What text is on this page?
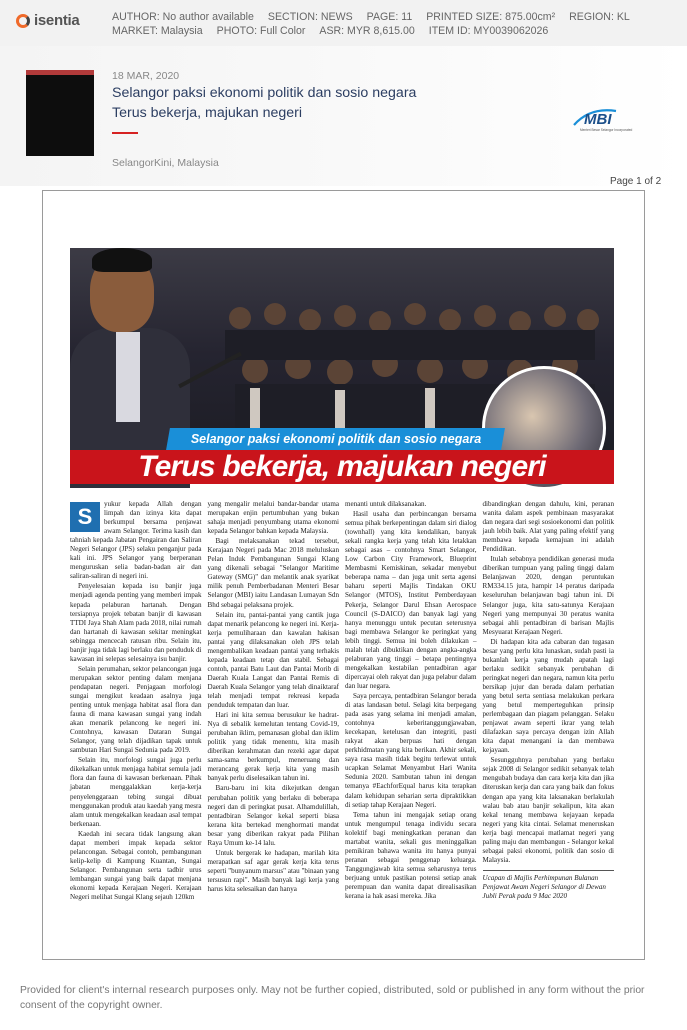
isentia	AUTHOR: No author available SECTION: NEWS PAGE: 11 PRINTED SIZE: 875.00cm² REGION: KL
MARKET: Malaysia PHOTO: Full Color ASR: MYR 8,615.00 ITEM ID: MY0039062026
18 MAR, 2020
Selangor paksi ekonomi politik dan sosio negara Terus bekerja, majukan negeri
SelangorKini, Malaysia
MBI
Menteri Besar Selangor Incorporated
Page 1 of 2
Selangor paksi ekonomi politik dan sosio negara
Terus bekerja, majukan negeri

S	yukur kepada Allah dengan limpah dan izinya kita dapat berkumpul bersama penjawat awam Selangor. Terima kasih dan tahniah kepada Jabatan Pengairan dan Saliran Negeri Selangor (JPS) selaku penganjur pada kali ini. JPS Selangor yang berperanan menguruskan selia badan-badan air dan saliran-saliran di negeri ini.

Penyelesaian kepada isu banjir juga menjadi agenda penting yang memberi impak kepada pelaburan hartanah. Dengan tersiapnya projek tebatan banjir di kawasan TTDI Jaya Shah Alam pada 2018, nilai rumah dan hartanah di kawasan sekitar meningkat sebingga mencecah ratusan ribu. Selain itu, banjir juga tidak lagi berlaku dan penduduk di kawasan ini selepas selesainya isu banjir.

Selain perumahan, sektor pelancongan juga merupakan sektor penting dalam menjana pendapatan negeri. Penjagaan morfologi sungai mengikut keadaan asalnya juga penting untuk menjaga habitat asal flora dan fauna di mana kawasan sungai yang indah akan menarik pelancong ke negeri ini. Contohnya, kawasan Dataran Sungai Selangor, yang telah dijadikan tapak untuk sambutan Hari Sungai Sedunia pada 2019.

Selain itu, morfologi sungai juga perlu dikekalkan untuk menjaga habitat semula jadi flora dan fauna di kawasan berkenaan. Pihak jabatan menggalakkan kerja-kerja penyelenggaraan tebing sungai dibuat menggunakan produk atau kaedah yang mesra alam untuk mengekalkan keadaan asal tempat berkenaan.

Kaedah ini secara tidak langsung akan dapat memberi impak kepada sektor pelancongan. Sebagai contoh, pembangunan kelip-kelip di Kampung Kuantan, Sungai Selangor. Pembangunan serta tadbir urus lembangan sungai yang baik dapat menjana ekonomi kepada Kerajaan Negeri. Kerajaan Negeri melihat Sungai Klang sejauh 120km

yang mengalir melalui bandar-bandar utama merupakan enjin pertumbuhan yang bukan sahaja menjadi penyumbang utama ekonomi kepada Selangor bahkan kepada Malaysia.

Bagi melaksanakan tekad tersebut, Kerajaan Negeri pada Mac 2018 meluluskan Pelan Induk Pembangunan Sungai Klang yang dikenali sebagai "Selangor Maritime Gateway (SMG)" dan melantik anak syarikat milik penuh Pemberbadanan Menteri Besar Selangor (MBI) iaitu Landasan Lumayan Sdn Bhd sebagai pelaksana projek.

Selain itu, pantai-pantai yang cantik juga dapat menarik pelancong ke negeri ini. Kerja-kerja pemuliharaan dan kawalan hakisan pantai yang dilaksanakan oleh JPS telah mengembalikan keadaan pantai yang terhakis kepada keadaan tetap dan stabil. Sebagai contoh, pantai Batu Laut dan Pantai Morib di Daerah Kuala Langat dan Pantai Remis di Daerah Kuala Selangor yang telah dinaiktaraf telah menjadi tempat rekreasi kepada penduduk tempatan dan luar.

Hari ini kita semua berusukur ke hadrat-Nya di sebalik kemelutan tentang Covid-19, perubahan iklim, pemanasan global dan iklim politik yang tidak menentu, kita masih diberikan kerahmatan dan rezeki agar dapat sama-sama berkumpul, meneruang dan merancang gerak kerja kita yang masih banyak perlu diselesaikan tahun ini.

Baru-baru ini kita dikejutkan dengan perubahan politik yang berlaku di beberapa negeri dan di peringkat pusat. Alhamdulillah, pentadbiran Selangor kekal seperti biasa kerana kita bertekad menghormati mandat besar yang diberikan rakyat pada Pilihan Raya Umum ke-14 lalu.

Untuk bergerak ke hadapan, marilah kita merapatkan saf agar gerak kerja kita terus seperti "bunyanum marsus" atau "binaan yang tersusun rapi". Masih banyak lagi kerja yang harus kita selesaikan dan hanya

menanti untuk dilaksanakan.

Hasil usaha dan perbincangan bersama semua pihak berkepentingan dalam siri dialog (townhall) yang kita kendalikan, banyak sekali rangka kerja yang telah kita letakkan sebagai asas – contohnya Smart Selangor, Low Carbon City Framework, Blueprint Membasmi Kemiskinan, sekadar menyebut beberapa nama – dan juga unit serta agensi baharu seperti Majlis Tindakan OKU Selangor (MTOS), Institut Pemberdayaan Pekerja, Selangor Darul Ehsan Aerospace Council (S-DAICO) dan banyak lagi yang hanya menunggu untuk pecutan seterusnya bagi membawa Selangor ke peringkat yang lebih tinggi. Semua ini boleh dilakukan – malah telah dibuktikan dengan angka-angka pelaburan yang tinggi – betapa pentingnya mengekalkan kestabilan pentadbiran agar dipercayai oleh rakyat dan juga pelabur dalam dan luar negara.

Saya percaya, pentadbiran Selangor berada di atas landasan betul. Selagi kita berpegang pada asas yang selama ini menjadi amalan, contohnya keberitanggungjawaban, kecekapan, ketelusan dan integriti, pasti rakyat akan berpuas hati dengan perkhidmatan yang kita berikan. Akhir sekali, saya rasa masih tidak begitu terlewat untuk ucapkan Selamat Menyambut Hari Wanita Sedunia 2020. Sambutan tahun ini dengan temanya #EachforEqual harus kita terapkan dalam kehidupan seharian serta dipraktikkan di setiap tahap Kerajaan Negeri.

Tema tahun ini mengajak setiap orang untuk mengumpul tenaga individu secara kolektif bagi meningkatkan peranan dan martabat wanita, sekali gus meninggalkan pemikiran bahawa wanita itu hanya punyai peranan sebagai penggenap keluarga. Tanggungjawab kita semua seharusnya terus berjuang untuk pastikan potensi setiap anak perempuan dan wanita dapat direalisasikan kerana ia hak asasi mereka. Jika

dibandingkan dengan dahulu, kini, peranan wanita dalam aspek pembinaan masyarakat dan negara dari segi sosioekonomi dan politik jauh lebih baik. Alat yang paling efektif yang membawa kepada kemajuan ini adalah Pendidikan.

Itulah sebabnya pendidikan generasi muda diberikan tumpuan yang paling tinggi dalam Belanjawan 2020, dengan peruntukan RM334.15 juta, hampir 14 peratus daripada keseluruhan belanjawan bagi tahun ini. Di Selangor juga, kita satu-satunya Kerajaan Negeri yang mempunyai 30 peratus wanita sebagai ahli pentadbiran di barisan Majlis Mesyuarat Kerajaan Negeri.

Di hadapan kita ada cabaran dan tugasan besar yang perlu kita lunaskan, sudah pasti ia bukanlah kerja yang mudah apatah lagi berlaku sedikit sebanyak perubahan di peringkat negeri dan negara, namun kita perlu bersikap jujur dan berada dalam perhatian yang betul serta sentiasa melakukan perkara yang betul memperteguhkan prinsip perlembagaan dan piagam pelanggan. Selaku penjawat awam seperti ikrar yang telah dilafazkan saya percaya dengan izin Allah kita dapat menangani ia dan membawa kejayaan.

Sesungguhnya perubahan yang berlaku sejak 2008 di Selangor sedikit sebanyak telah mengubah budaya dan cara kerja kita dan jika diteruskan kerja dan cara yang baik dan fokus dengan apa yang kita laksanakan berlakulah walau bab atau banjir sekalipun, kita akan kekal tenang membawa kejayaan kepada negeri yang kita cintai. Selamat meneruskan kerja bagi mencapai matlamat negeri yang paling maju dan membangun - Selangor kekal sebagai paksi ekonomi, politik dan sosio di Malaysia.

Ucapan di Majlis Perhimpunan Bulanan Penjawat Awam Negeri Selangor di Dewan Jubli Perak pada 9 Mac 2020

Provided for client's internal research purposes only. May not be further copied, distributed, sold or published in any form without the prior consent of the copyright owner.
